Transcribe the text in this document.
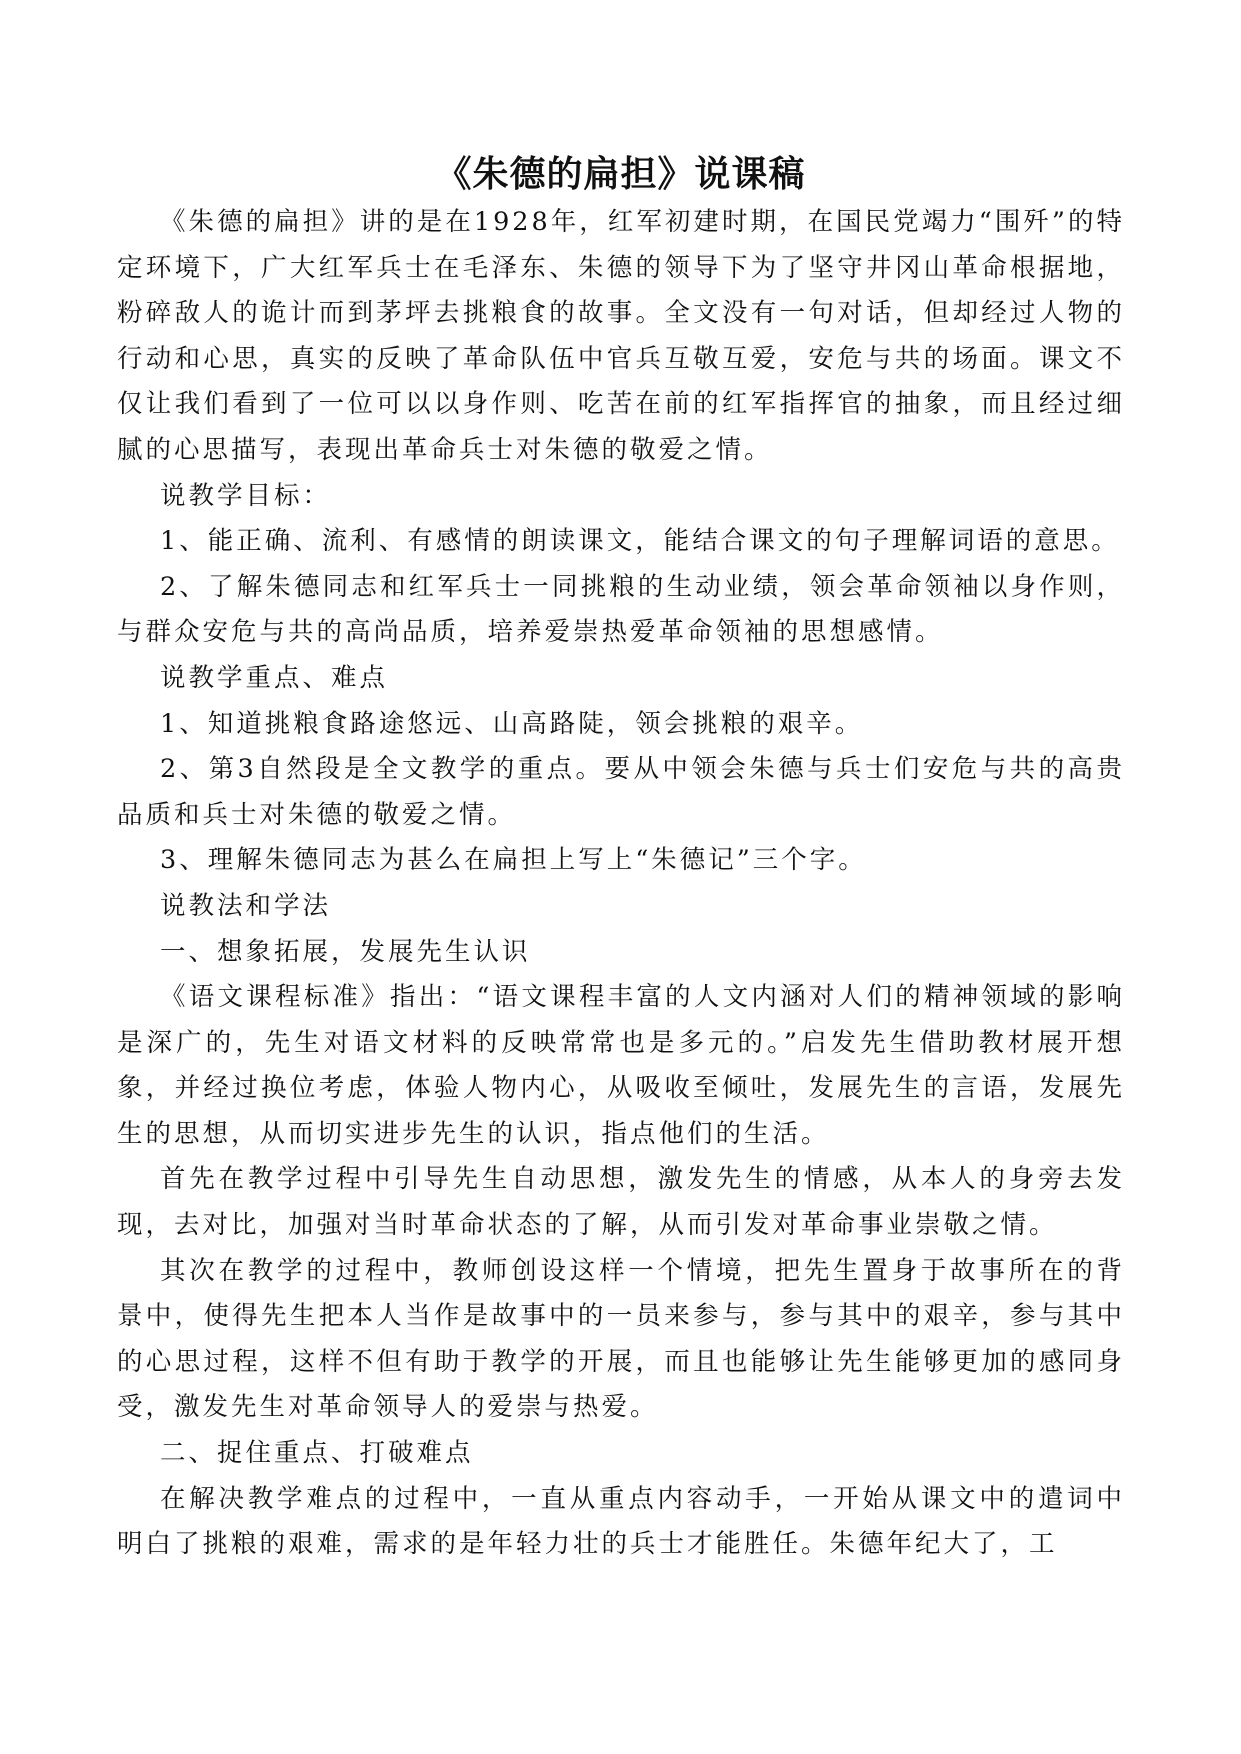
《朱德的扁担》说课稿

《朱德的扁担》讲的是在1928年，红军初建时期，在国民党竭力“围歼”的特定环境下，广大红军兵士在毛泽东、朱德的领导下为了坚守井冈山革命根据地，粉碎敌人的诡计而到茅坪去挑粮食的故事。全文没有一句对话，但却经过人物的行动和心思，真实的反映了革命队伍中官兵互敬互爱，安危与共的场面。课文不仅让我们看到了一位可以以身作则、吃苦在前的红军指挥官的抽象，而且经过细腻的心思描写，表现出革命兵士对朱德的敬爱之情。

说教学目标：

1、能正确、流利、有感情的朗读课文，能结合课文的句子理解词语的意思。

2、了解朱德同志和红军兵士一同挑粮的生动业绩，领会革命领袖以身作则，与群众安危与共的高尚品质，培养爱崇热爱革命领袖的思想感情。

说教学重点、难点

1、知道挑粮食路途悠远、山高路陡，领会挑粮的艰辛。

2、第3自然段是全文教学的重点。要从中领会朱德与兵士们安危与共的高贵品质和兵士对朱德的敬爱之情。

3、理解朱德同志为甚么在扁担上写上“朱德记”三个字。

说教法和学法

一、想象拓展，发展先生认识

《语文课程标准》指出：“语文课程丰富的人文内涵对人们的精神领域的影响是深广的，先生对语文材料的反映常常也是多元的。”启发先生借助教材展开想象，并经过换位考虑，体验人物内心，从吸收至倾吐，发展先生的言语，发展先生的思想，从而切实进步先生的认识，指点他们的生活。

首先在教学过程中引导先生自动思想，激发先生的情感，从本人的身旁去发现，去对比，加强对当时革命状态的了解，从而引发对革命事业崇敬之情。

其次在教学的过程中，教师创设这样一个情境，把先生置身于故事所在的背景中，使得先生把本人当作是故事中的一员来参与，参与其中的艰辛，参与其中的心思过程，这样不但有助于教学的开展，而且也能够让先生能够更加的感同身受，激发先生对革命领导人的爱崇与热爱。

二、捉住重点、打破难点

在解决教学难点的过程中，一直从重点内容动手，一开始从课文中的遣词中明白了挑粮的艰难，需求的是年轻力壮的兵士才能胜任。朱德年纪大了，工
